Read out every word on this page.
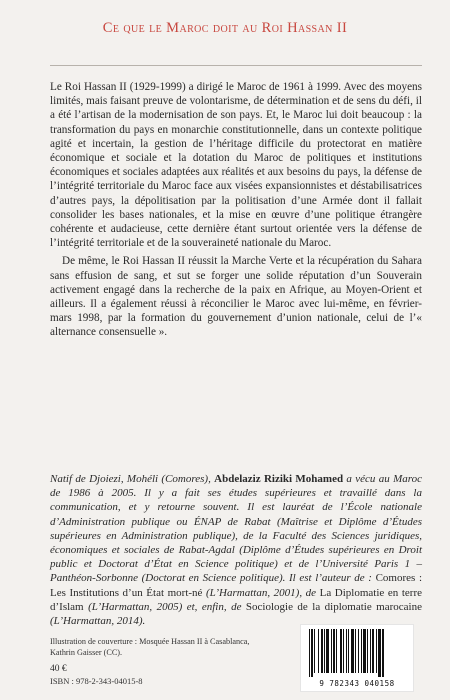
Ce que le Maroc doit au Roi Hassan II

Le Roi Hassan II (1929-1999) a dirigé le Maroc de 1961 à 1999. Avec des moyens limités, mais faisant preuve de volontarisme, de détermination et de sens du défi, il a été l’artisan de la modernisation de son pays. Et, le Maroc lui doit beaucoup : la transformation du pays en monarchie constitutionnelle, dans un contexte politique agité et incertain, la gestion de l’héritage difficile du protectorat en matière économique et sociale et la dotation du Maroc de politiques et institutions économiques et sociales adaptées aux réalités et aux besoins du pays, la défense de l’intégrité territoriale du Maroc face aux visées expansionnistes et déstabilisatrices d’autres pays, la dépolitisation par la politisation d’une Armée dont il fallait consolider les bases nationales, et la mise en œuvre d’une politique étrangère cohérente et audacieuse, cette dernière étant surtout orientée vers la défense de l’intégrité territoriale et de la souveraineté nationale du Maroc.

De même, le Roi Hassan II réussit la Marche Verte et la récupération du Sahara sans effusion de sang, et sut se forger une solide réputation d’un Souverain activement engagé dans la recherche de la paix en Afrique, au Moyen-Orient et ailleurs. Il a également réussi à réconcilier le Maroc avec lui-même, en février-mars 1998, par la formation du gouvernement d’union nationale, celui de l’« alternance consensuelle ».

Natif de Djoiezi, Mohéli (Comores), Abdelaziz Riziki Mohamed a vécu au Maroc de 1986 à 2005. Il y a fait ses études supérieures et travaillé dans la communication, et y retourne souvent. Il est lauréat de l’École nationale d’Administration publique ou ÉNAP de Rabat (Maîtrise et Diplôme d’Études supérieures en Administration publique), de la Faculté des Sciences juridiques, économiques et sociales de Rabat-Agdal (Diplôme d’Études supérieures en Droit public et Doctorat d’État en Science politique) et de l’Université Paris 1 – Panthéon-Sorbonne (Doctorat en Science politique). Il est l’auteur de : Comores : Les Institutions d’un État mort-né (L’Harmattan, 2001), de La Diplomatie en terre d’Islam (L’Harmattan, 2005) et, enfin, de Sociologie de la diplomatie marocaine (L’Harmattan, 2014).
Illustration de couverture : Mosquée Hassan II à Casablanca,
Kathrin Gaisser (CC).
40 €
ISBN : 978-2-343-04015-8	9 782343 040158
